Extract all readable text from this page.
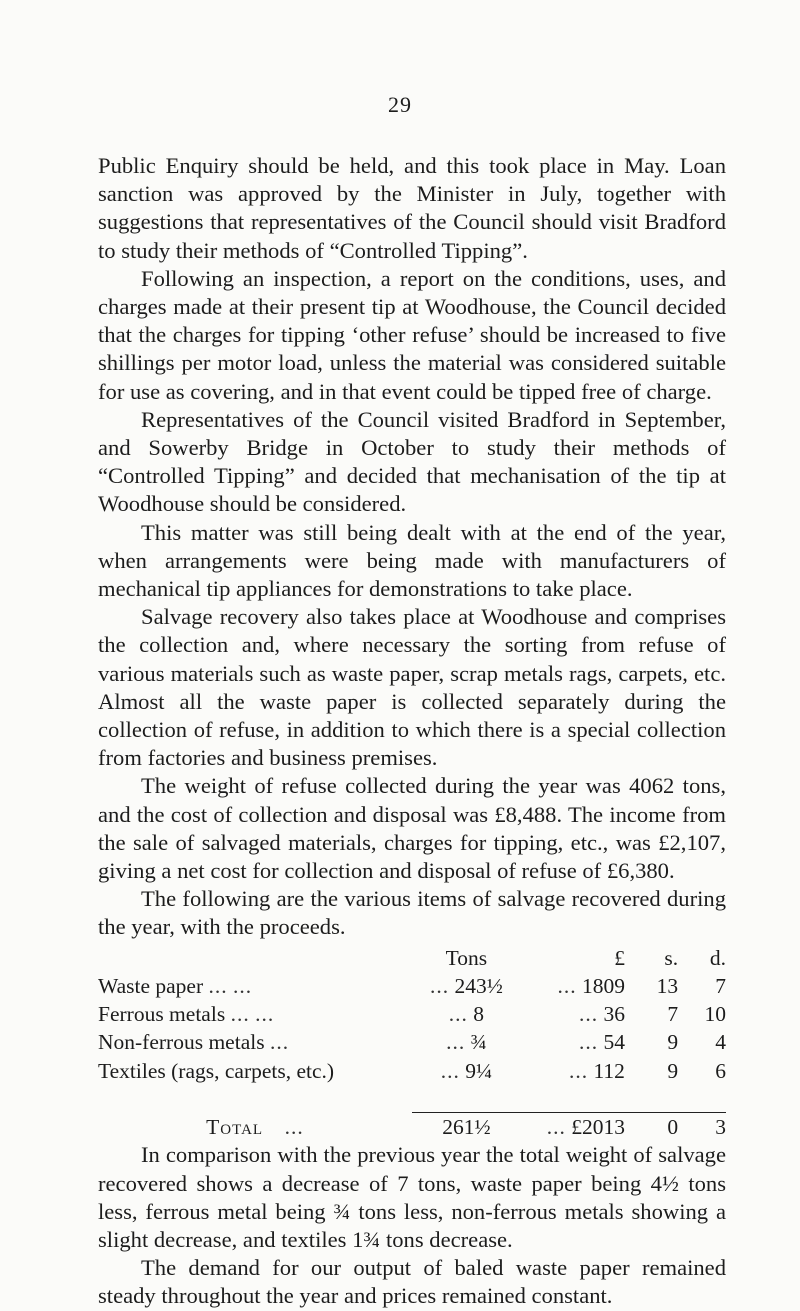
29

Public Enquiry should be held, and this took place in May. Loan sanction was approved by the Minister in July, together with suggestions that representatives of the Council should visit Bradford to study their methods of “Controlled Tipping”.

Following an inspection, a report on the conditions, uses, and charges made at their present tip at Woodhouse, the Council decided that the charges for tipping ‘other refuse’ should be increased to five shillings per motor load, unless the material was considered suitable for use as covering, and in that event could be tipped free of charge.

Representatives of the Council visited Bradford in September, and Sowerby Bridge in October to study their methods of “Controlled Tipping” and decided that mechanisation of the tip at Woodhouse should be considered.

This matter was still being dealt with at the end of the year, when arrangements were being made with manufacturers of mechanical tip appliances for demonstrations to take place.

Salvage recovery also takes place at Woodhouse and comprises the collection and, where necessary the sorting from refuse of various materials such as waste paper, scrap metals rags, carpets, etc. Almost all the waste paper is collected separately during the collection of refuse, in addition to which there is a special collection from factories and business premises.

The weight of refuse collected during the year was 4062 tons, and the cost of collection and disposal was £8,488. The income from the sale of salvaged materials, charges for tipping, etc., was £2,107, giving a net cost for collection and disposal of refuse of £6,380.

The following are the various items of salvage recovered during the year, with the proceeds.

	Tons	£	s.	d.
Waste paper ... ...	... 243½	... 1809	13	7
Ferrous metals ... ...	... 8	... 36	7	10
Non-ferrous metals ...	... ¾	... 54	9	4
Textiles (rags, carpets, etc.)	... 9¼	... 112	9	6

Total ...	261½	... £2013	0	3

In comparison with the previous year the total weight of salvage recovered shows a decrease of 7 tons, waste paper being 4½ tons less, ferrous metal being ¾ tons less, non-ferrous metals showing a slight decrease, and textiles 1¾ tons decrease.

The demand for our output of baled waste paper remained steady throughout the year and prices remained constant.
